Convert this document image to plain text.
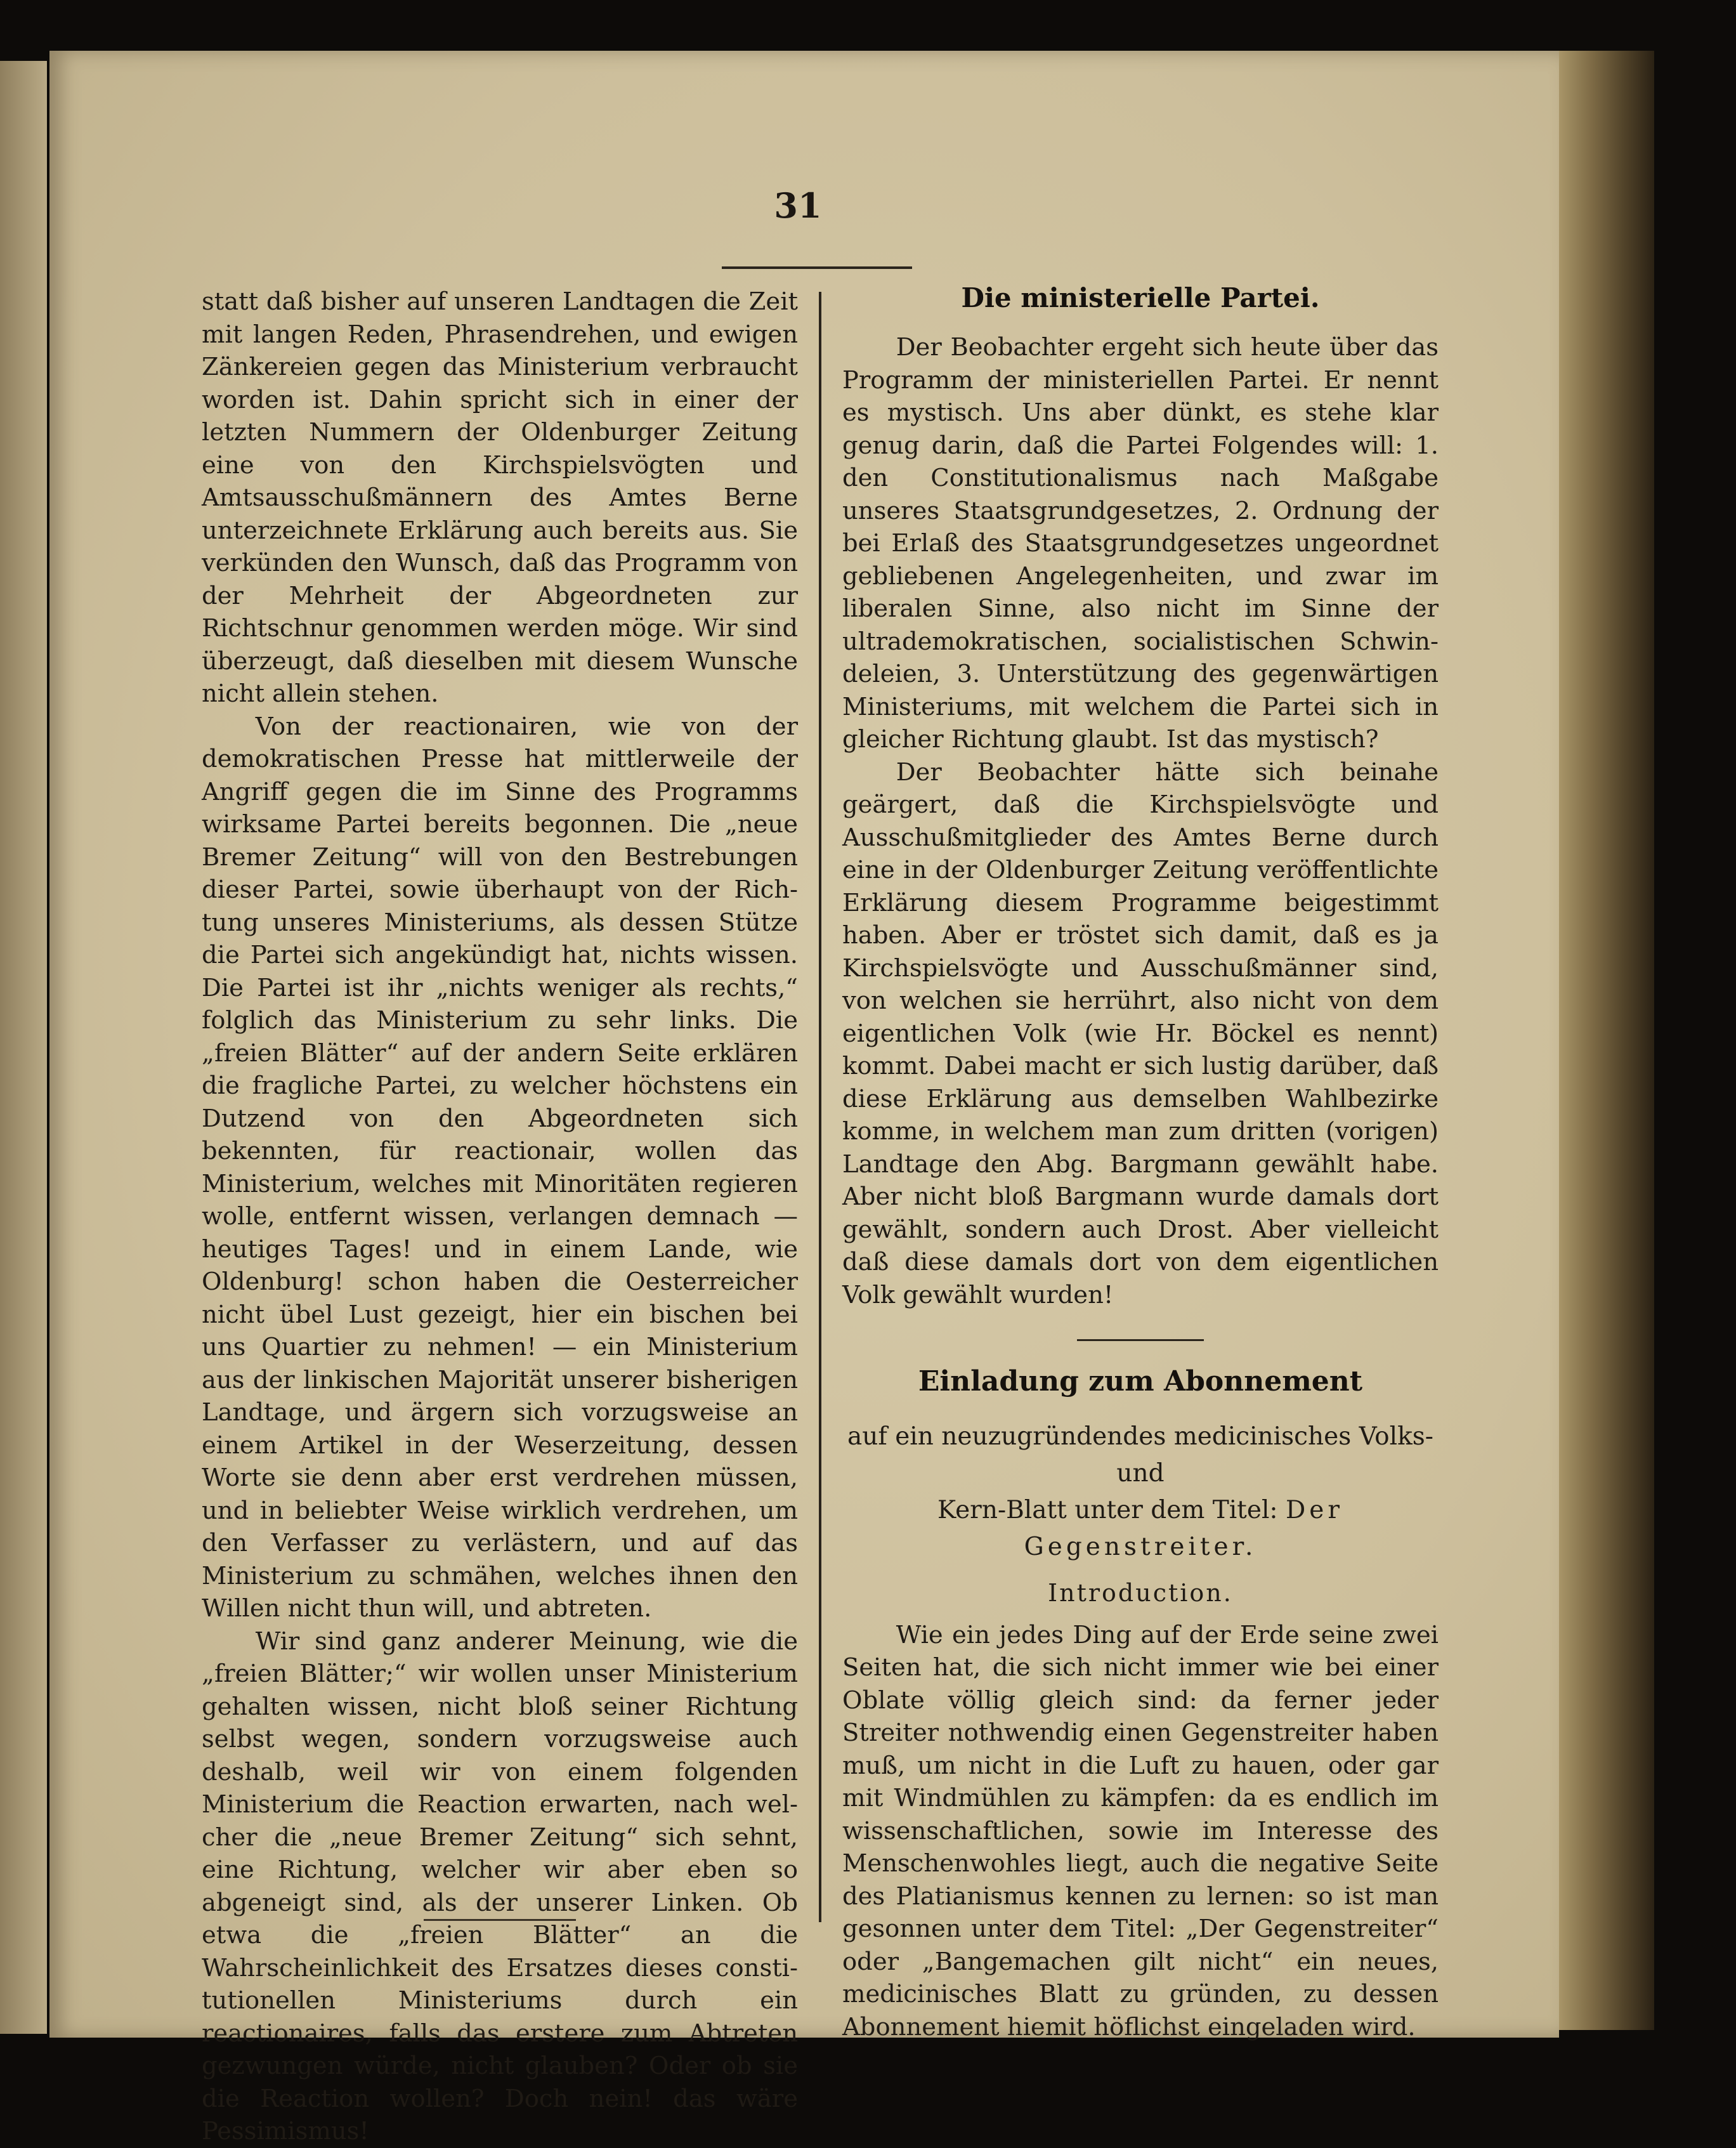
31

statt daß bisher auf unseren Landtagen die Zeit mit langen Reden, Phrasendrehen, und ewigen Zänkereien gegen das Ministerium verbraucht worden ist. Dahin spricht sich in einer der letzten Nummern der Oldenburger Zeitung eine von den Kirchspielsvögten und Amtsausschußmännern des Amtes Berne unterzeichnete Erklärung auch bereits aus. Sie verkünden den Wunsch, daß das Programm von der Mehrheit der Abgeordneten zur Richtschnur genommen werden möge. Wir sind überzeugt, daß dieselben mit diesem Wunsche nicht allein stehen.

Von der reactionairen, wie von der demokratischen Presse hat mittlerweile der Angriff gegen die im Sinne des Programms wirksame Partei bereits begonnen. Die „neue Bremer Zeitung“ will von den Bestrebungen dieser Partei, sowie überhaupt von der Richtung unseres Ministeriums, als dessen Stütze die Partei sich angekündigt hat, nichts wissen. Die Partei ist ihr „nichts weniger als rechts,“ folglich das Ministerium zu sehr links. Die „freien Blätter“ auf der andern Seite erklären die fragliche Partei, zu welcher höchstens ein Dutzend von den Abgeordneten sich bekennten, für reactionair, wollen das Ministerium, welches mit Minoritäten regieren wolle, entfernt wissen, verlangen demnach — heutiges Tages! und in einem Lande, wie Oldenburg! schon haben die Oesterreicher nicht übel Lust gezeigt, hier ein bischen bei uns Quartier zu nehmen! — ein Ministerium aus der linkischen Majorität unserer bisherigen Landtage, und ärgern sich vorzugsweise an einem Artikel in der Weserzeitung, dessen Worte sie denn aber erst verdrehen müssen, und in beliebter Weise wirklich verdrehen, um den Verfasser zu verlästern, und auf das Ministerium zu schmähen, welches ihnen den Willen nicht thun will, und abtreten.

Wir sind ganz anderer Meinung, wie die „freien Blätter;“ wir wollen unser Ministerium gehalten wissen, nicht bloß seiner Richtung selbst wegen, sondern vorzugsweise auch deshalb, weil wir von einem folgenden Ministerium die Reaction erwarten, nach welcher die „neue Bremer Zeitung“ sich sehnt, eine Richtung, welcher wir aber eben so abgeneigt sind, als der unserer Linken. Ob etwa die „freien Blätter“ an die Wahrscheinlichkeit des Ersatzes dieses constitutionellen Ministeriums durch ein reactionaires, falls das erstere zum Abtreten gezwungen würde, nicht glauben? Oder ob sie die Reaction wollen? Doch nein! das wäre Pessimismus!

Die ministerielle Partei.

Der Beobachter ergeht sich heute über das Programm der ministeriellen Partei. Er nennt es mystisch. Uns aber dünkt, es stehe klar genug darin, daß die Partei Folgendes will: 1. den Constitutionalismus nach Maßgabe unseres Staatsgrundgesetzes, 2. Ordnung der bei Erlaß des Staatsgrundgesetzes ungeordnet gebliebenen Angelegenheiten, und zwar im liberalen Sinne, also nicht im Sinne der ultrademokratischen, socialistischen Schwindeleien, 3. Unterstützung des gegenwärtigen Ministeriums, mit welchem die Partei sich in gleicher Richtung glaubt. Ist das mystisch?

Der Beobachter hätte sich beinahe geärgert, daß die Kirchspielsvögte und Ausschußmitglieder des Amtes Berne durch eine in der Oldenburger Zeitung veröffentlichte Erklärung diesem Programme beigestimmt haben. Aber er tröstet sich damit, daß es ja Kirchspielsvögte und Ausschußmänner sind, von welchen sie herrührt, also nicht von dem eigentlichen Volk (wie Hr. Böckel es nennt) kommt. Dabei macht er sich lustig darüber, daß diese Erklärung aus demselben Wahlbezirke komme, in welchem man zum dritten (vorigen) Landtage den Abg. Bargmann gewählt habe. Aber nicht bloß Bargmann wurde damals dort gewählt, sondern auch Drost. Aber vielleicht daß diese damals dort von dem eigentlichen Volk gewählt wurden!

Einladung zum Abonnement
auf ein neuzugründendes medicinisches Volks- und
Kern-Blatt unter dem Titel: Der Gegenstreiter.
Introduction.

Wie ein jedes Ding auf der Erde seine zwei Seiten hat, die sich nicht immer wie bei einer Oblate völlig gleich sind: da ferner jeder Streiter nothwendig einen Gegenstreiter haben muß, um nicht in die Luft zu hauen, oder gar mit Windmühlen zu kämpfen: da es endlich im wissenschaftlichen, sowie im Interesse des Menschenwohles liegt, auch die negative Seite des Platianismus kennen zu lernen: so ist man gesonnen unter dem Titel: „Der Gegenstreiter“ oder „Bangemachen gilt nicht“ ein neues, medicinisches Blatt zu gründen, zu dessen Abonnement hiemit höflichst eingeladen wird.
